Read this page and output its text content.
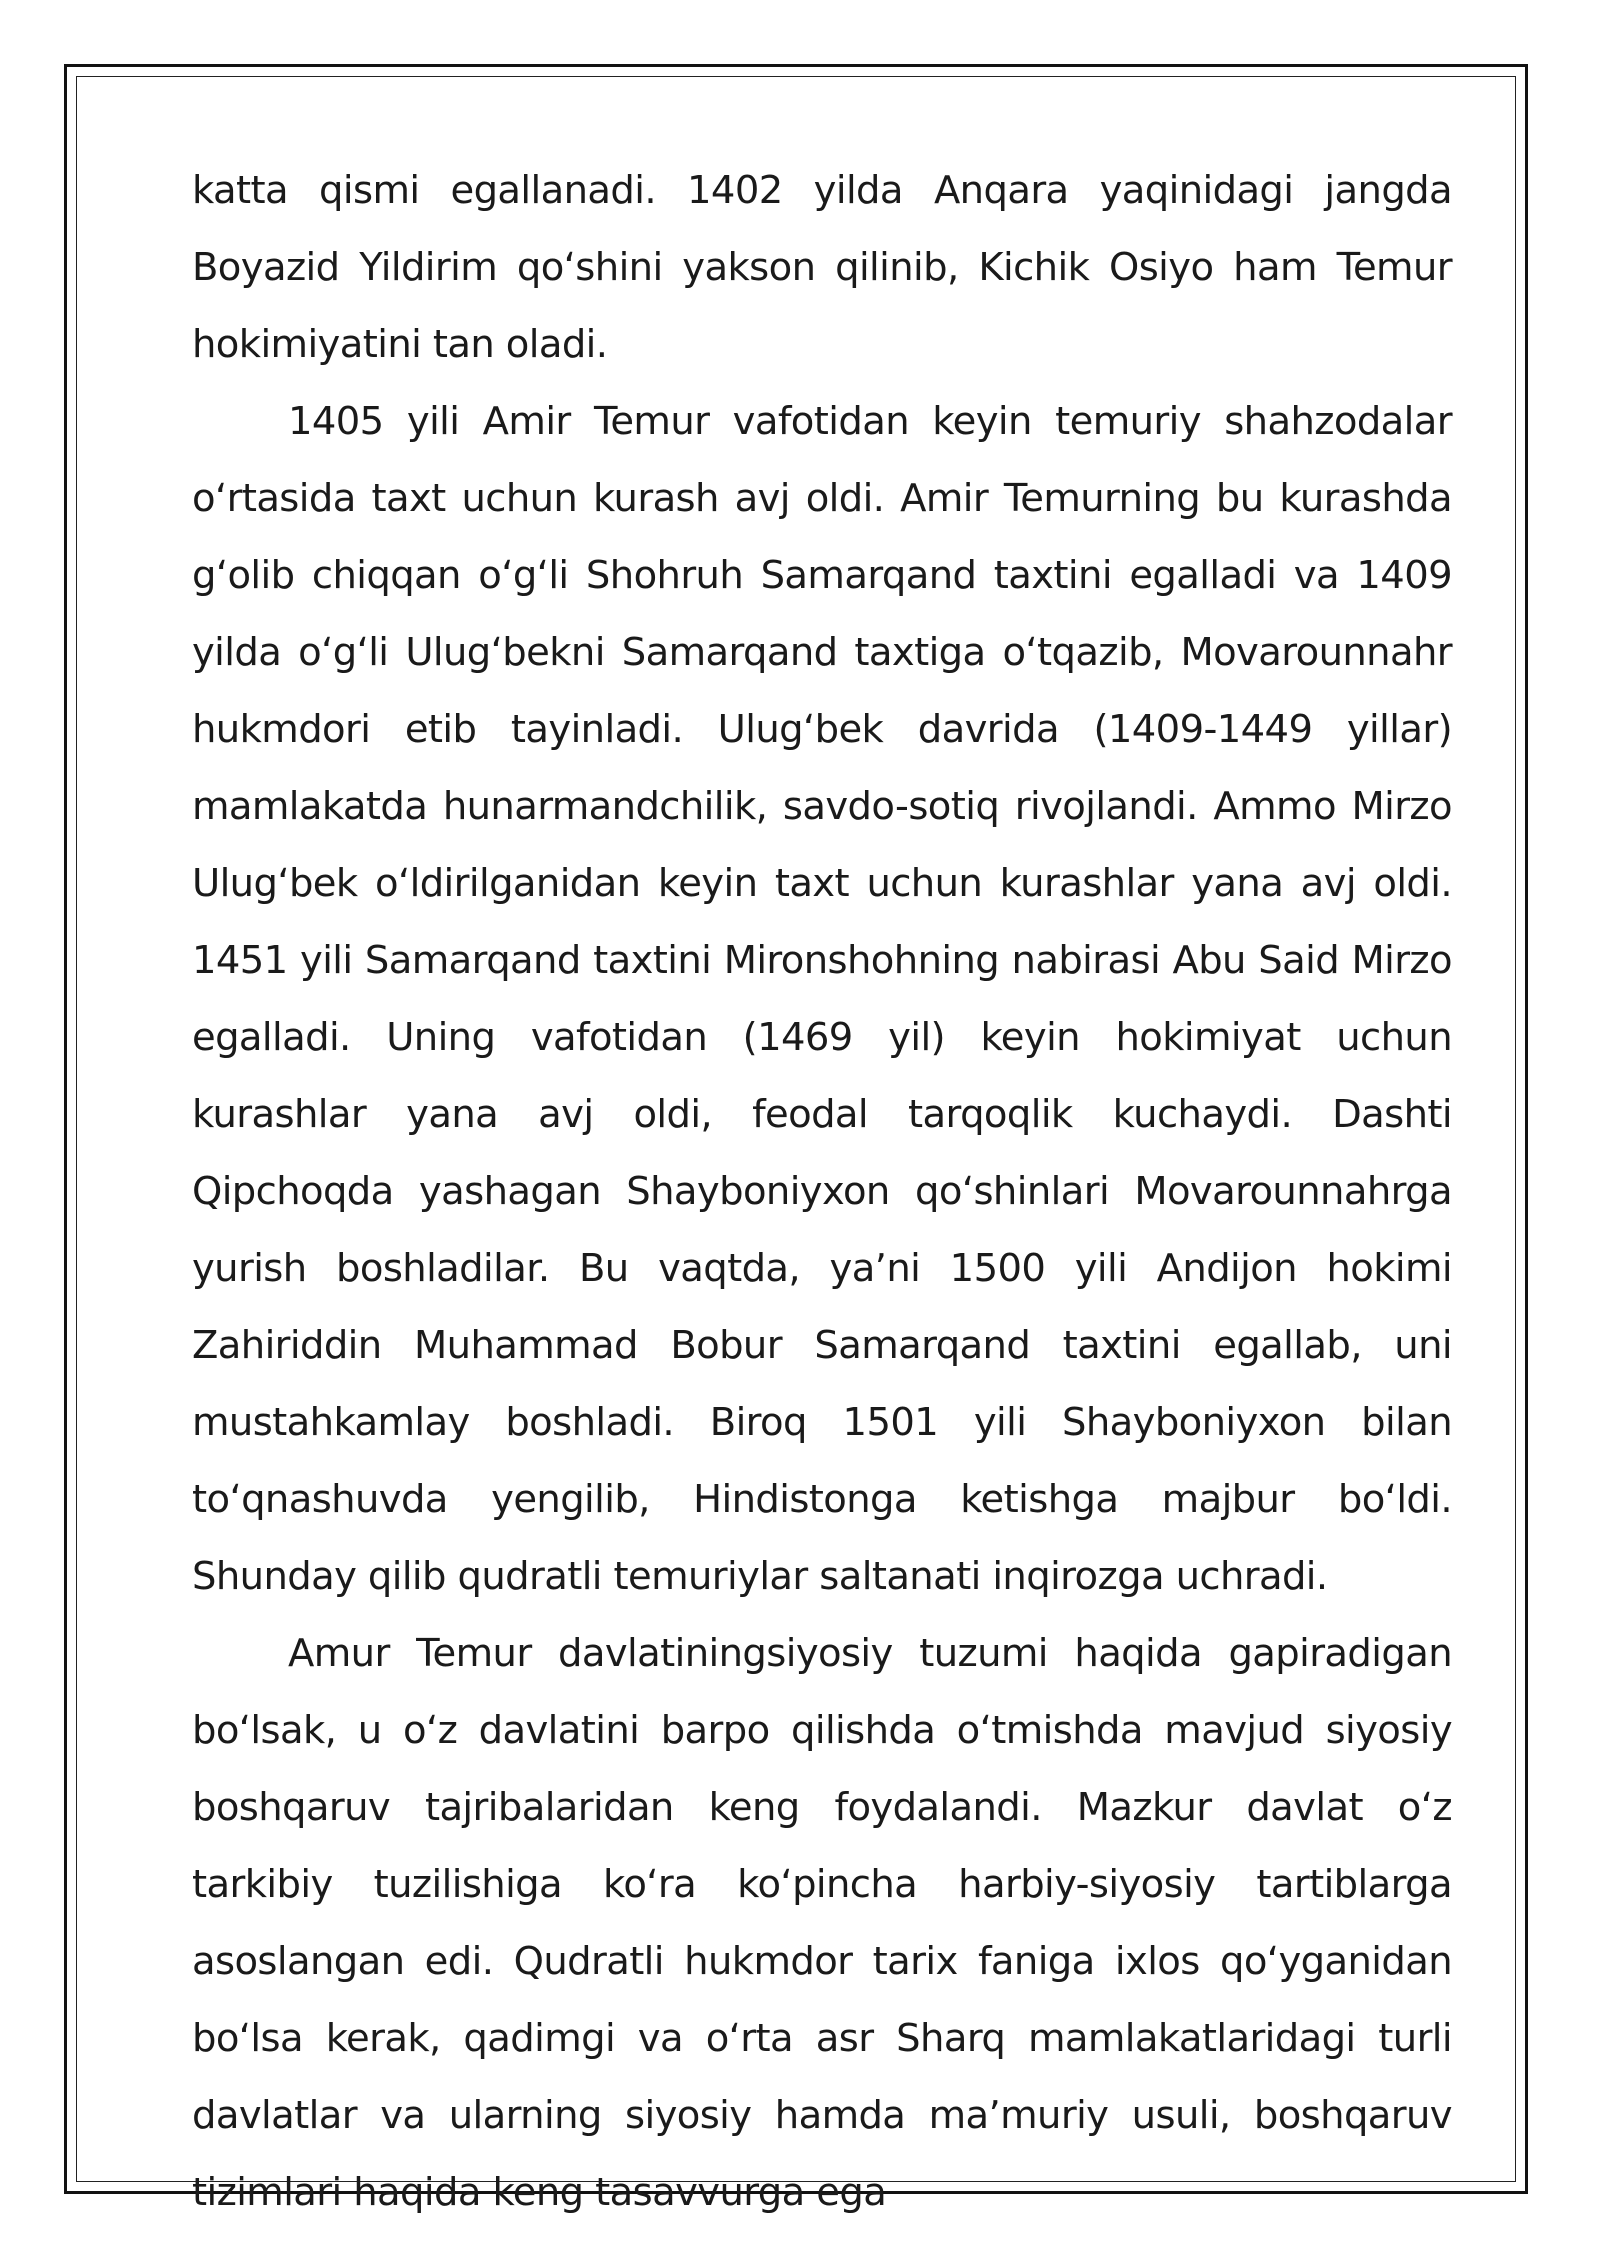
katta qismi egallanadi. 1402 yilda Anqara yaqinidagi jangda Boyazid Yildirim qo‘shini yakson qilinib, Kichik Osiyo ham Temur hokimiyatini tan oladi.

1405 yili Amir Temur vafotidan keyin temuriy shahzodalar o‘rtasida taxt uchun kurash avj oldi. Amir Temurning bu kurashda g‘olib chiqqan o‘g‘li Shohruh Samarqand taxtini egalladi va 1409 yilda o‘g‘li Ulug‘bekni Samarqand taxtiga o‘tqazib, Movarounnahr hukmdori etib tayinladi. Ulug‘bek davrida (1409-1449 yillar) mamlakatda hunarmandchilik, savdo-sotiq rivojlandi. Ammo Mirzo Ulug‘bek o‘ldirilganidan keyin taxt uchun kurashlar yana avj oldi. 1451 yili Samarqand taxtini Mironshohning nabirasi Abu Said Mirzo egalladi. Uning vafotidan (1469 yil) keyin hokimiyat uchun kurashlar yana avj oldi, feodal tarqoqlik kuchaydi. Dashti Qipchoqda yashagan Shayboniyxon qo‘shinlari Movarounnahrga yurish boshladilar. Bu vaqtda, ya’ni 1500 yili Andijon hokimi Zahiriddin Muhammad Bobur Samarqand taxtini egallab, uni mustahkamlay boshladi. Biroq 1501 yili Shayboniyxon bilan to‘qnashuvda yengilib, Hindistonga ketishga majbur bo‘ldi. Shunday qilib qudratli temuriylar saltanati inqirozga uchradi.

Amur Temur davlatiningsiyosiy tuzumi haqida gapiradigan bo‘lsak, u o‘z davlatini barpo qilishda o‘tmishda mavjud siyosiy boshqaruv tajribalaridan keng foydalandi. Mazkur davlat o‘z tarkibiy tuzilishiga ko‘ra ko‘pincha harbiy-siyosiy tartiblarga asoslangan edi. Qudratli hukmdor tarix faniga ixlos qo‘yganidan bo‘lsa kerak, qadimgi va o‘rta asr Sharq mamlakatlaridagi turli davlatlar va ularning siyosiy hamda ma’muriy usuli, boshqaruv tizimlari haqida keng tasavvurga ega
